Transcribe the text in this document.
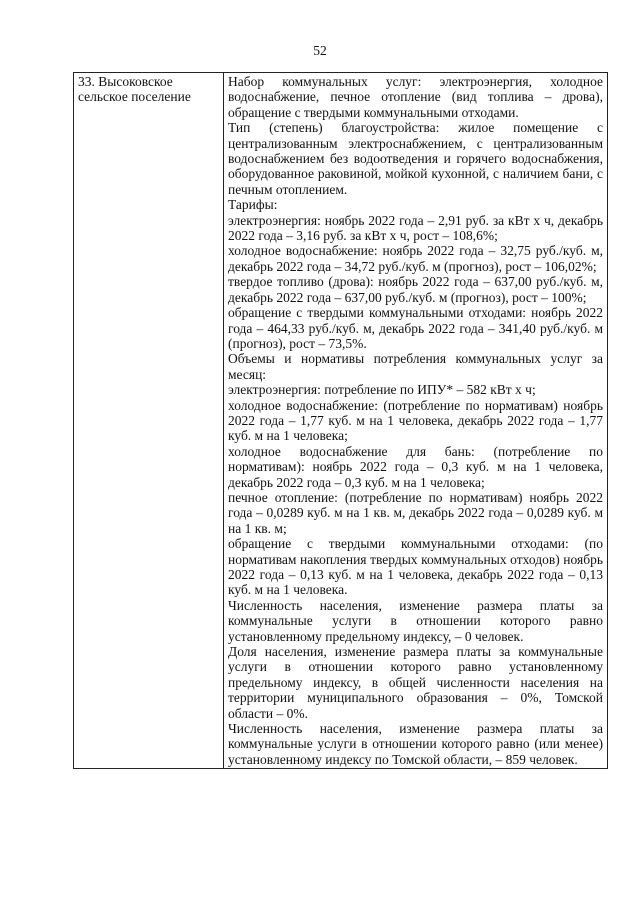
52
33. Высоковское сельское поселение	

Набор коммунальных услуг: электроэнергия, холодное водоснабжение, печное отопление (вид топлива – дрова), обращение с твердыми коммунальными отходами.

Тип (степень) благоустройства: жилое помещение с централизованным электроснабжением, с централизованным водоснабжением без водоотведения и горячего водоснабжения, оборудованное раковиной, мойкой кухонной, с наличием бани, с печным отоплением.

Тарифы:

электроэнергия: ноябрь 2022 года – 2,91 руб. за кВт х ч, декабрь 2022 года – 3,16 руб. за кВт х ч, рост – 108,6%;

холодное водоснабжение: ноябрь 2022 года – 32,75 руб./куб. м, декабрь 2022 года – 34,72 руб./куб. м (прогноз), рост – 106,02%;

твердое топливо (дрова): ноябрь 2022 года – 637,00 руб./куб. м, декабрь 2022 года – 637,00 руб./куб. м (прогноз), рост – 100%;

обращение с твердыми коммунальными отходами: ноябрь 2022 года – 464,33 руб./куб. м, декабрь 2022 года – 341,40 руб./куб. м (прогноз), рост – 73,5%.

Объемы и нормативы потребления коммунальных услуг за месяц:

электроэнергия: потребление по ИПУ* – 582 кВт х ч;

холодное водоснабжение: (потребление по нормативам) ноябрь 2022 года – 1,77 куб. м на 1 человека, декабрь 2022 года – 1,77 куб. м на 1 человека;

холодное водоснабжение для бань: (потребление по нормативам): ноябрь 2022 года – 0,3 куб. м на 1 человека, декабрь 2022 года – 0,3 куб. м на 1 человека;

печное отопление: (потребление по нормативам) ноябрь 2022 года – 0,0289 куб. м на 1 кв. м, декабрь 2022 года – 0,0289 куб. м на 1 кв. м;

обращение с твердыми коммунальными отходами: (по нормативам накопления твердых коммунальных отходов) ноябрь 2022 года – 0,13 куб. м на 1 человека, декабрь 2022 года – 0,13 куб. м на 1 человека.

Численность населения, изменение размера платы за коммунальные услуги в отношении которого равно установленному предельному индексу, – 0 человек.

Доля населения, изменение размера платы за коммунальные услуги в отношении которого равно установленному предельному индексу, в общей численности населения на территории муниципального образования – 0%, Томской области – 0%.

Численность населения, изменение размера платы за коммунальные услуги в отношении которого равно (или менее) установленному индексу по Томской области, – 859 человек.
